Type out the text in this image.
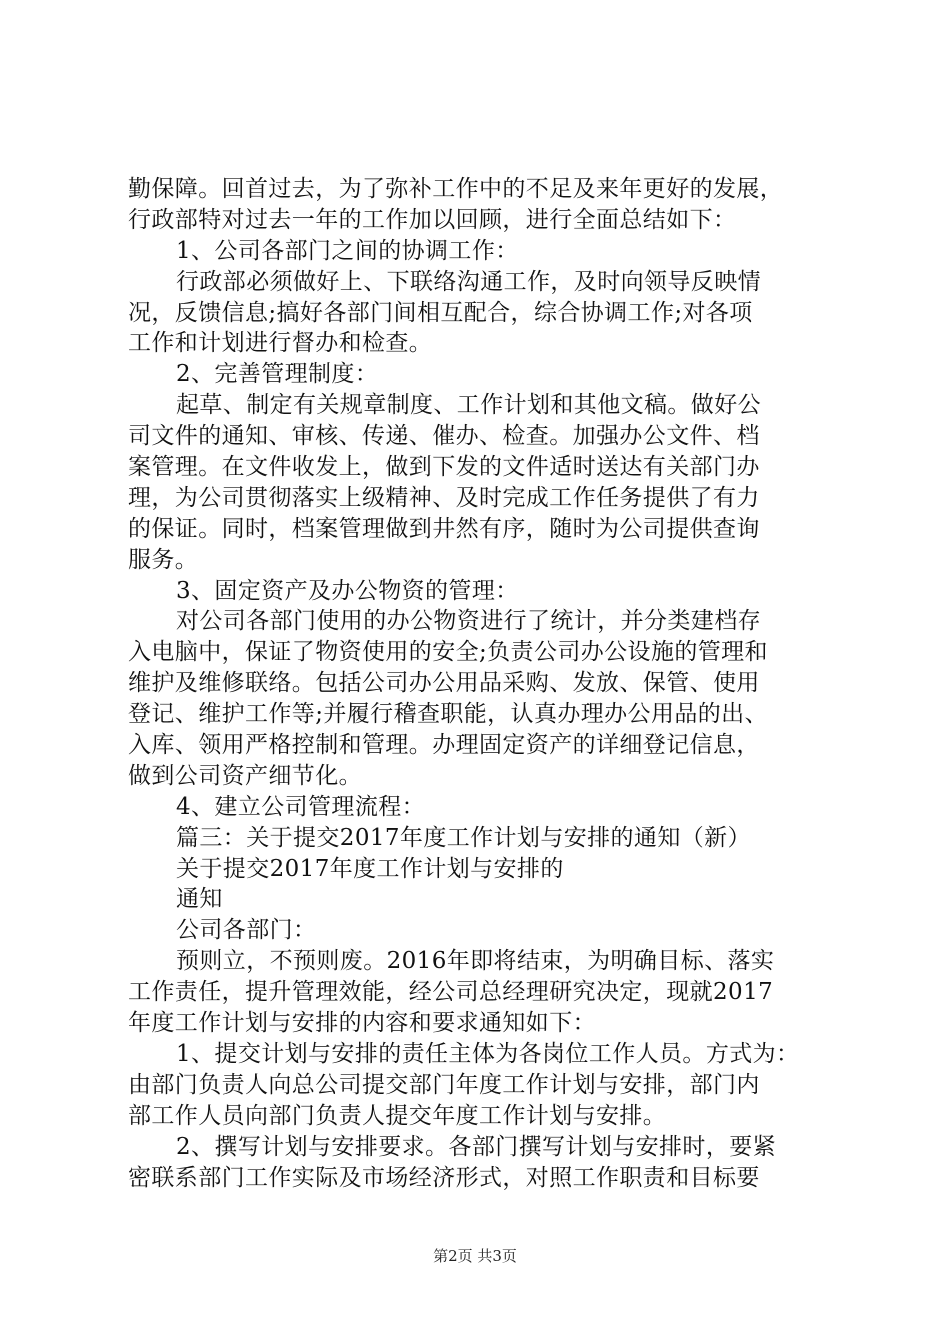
勤保障。回首过去，为了弥补工作中的不足及来年更好的发展，
行政部特对过去一年的工作加以回顾，进行全面总结如下：
1、公司各部门之间的协调工作：
行政部必须做好上、下联络沟通工作，及时向领导反映情
况，反馈信息;搞好各部门间相互配合，综合协调工作;对各项
工作和计划进行督办和检查。
2、完善管理制度：
起草、制定有关规章制度、工作计划和其他文稿。做好公
司文件的通知、审核、传递、催办、检查。加强办公文件、档
案管理。在文件收发上，做到下发的文件适时送达有关部门办
理，为公司贯彻落实上级精神、及时完成工作任务提供了有力
的保证。同时，档案管理做到井然有序，随时为公司提供查询
服务。
3、固定资产及办公物资的管理：
对公司各部门使用的办公物资进行了统计，并分类建档存
入电脑中，保证了物资使用的安全;负责公司办公设施的管理和
维护及维修联络。包括公司办公用品采购、发放、保管、使用
登记、维护工作等;并履行稽查职能，认真办理办公用品的出、
入库、领用严格控制和管理。办理固定资产的详细登记信息，
做到公司资产细节化。
4、建立公司管理流程：
篇三：关于提交2017年度工作计划与安排的通知（新）
关于提交2017年度工作计划与安排的
通知
公司各部门：
预则立，不预则废。2016年即将结束，为明确目标、落实
工作责任，提升管理效能，经公司总经理研究决定，现就2017
年度工作计划与安排的内容和要求通知如下：
1、提交计划与安排的责任主体为各岗位工作人员。方式为：
由部门负责人向总公司提交部门年度工作计划与安排，部门内
部工作人员向部门负责人提交年度工作计划与安排。
2、撰写计划与安排要求。各部门撰写计划与安排时，要紧
密联系部门工作实际及市场经济形式，对照工作职责和目标要
第2页 共3页
